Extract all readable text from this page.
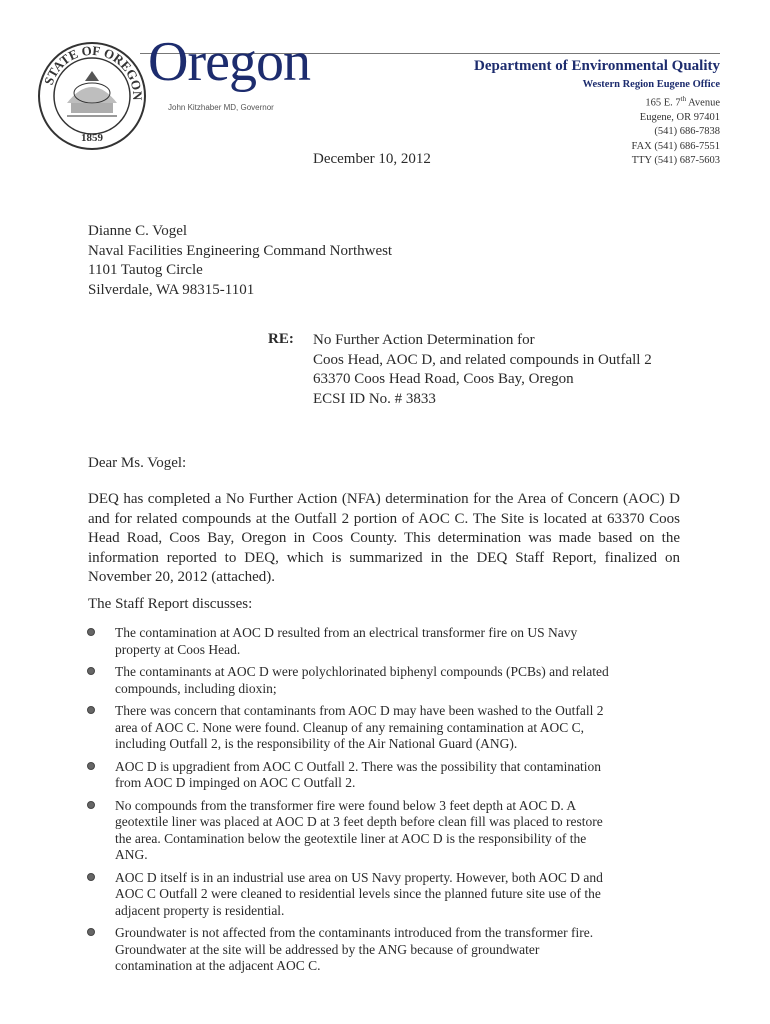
STATE OF OREGON
1859
Oregon
John Kitzhaber MD, Governor
Department of Environmental Quality
Western Region Eugene Office
165 E. 7th Avenue
Eugene, OR 97401
(541) 686-7838
FAX (541) 686-7551
TTY (541) 687-5603
December 10, 2012
Dianne C. Vogel
Naval Facilities Engineering Command Northwest
1101 Tautog Circle
Silverdale, WA 98315-1101
RE: No Further Action Determination for
Coos Head, AOC D, and related compounds in Outfall 2
63370 Coos Head Road, Coos Bay, Oregon
ECSI ID No. # 3833
Dear Ms. Vogel:
DEQ has completed a No Further Action (NFA) determination for the Area of Concern (AOC) D and for related compounds at the Outfall 2 portion of AOC C. The Site is located at 63370 Coos Head Road, Coos Bay, Oregon in Coos County. This determination was made based on the information reported to DEQ, which is summarized in the DEQ Staff Report, finalized on November 20, 2012 (attached).
The Staff Report discusses:
The contamination at AOC D resulted from an electrical transformer fire on US Navy
property at Coos Head.
The contaminants at AOC D were polychlorinated biphenyl compounds (PCBs) and related
compounds, including dioxin;
There was concern that contaminants from AOC D may have been washed to the Outfall 2
area of AOC C. None were found. Cleanup of any remaining contamination at AOC C,
including Outfall 2, is the responsibility of the Air National Guard (ANG).
AOC D is upgradient from AOC C Outfall 2. There was the possibility that contamination
from AOC D impinged on AOC C Outfall 2.
No compounds from the transformer fire were found below 3 feet depth at AOC D. A
geotextile liner was placed at AOC D at 3 feet depth before clean fill was placed to restore
the area. Contamination below the geotextile liner at AOC D is the responsibility of the
ANG.
AOC D itself is in an industrial use area on US Navy property. However, both AOC D and
AOC C Outfall 2 were cleaned to residential levels since the planned future site use of the
adjacent property is residential.
Groundwater is not affected from the contaminants introduced from the transformer fire.
Groundwater at the site will be addressed by the ANG because of groundwater
contamination at the adjacent AOC C.
